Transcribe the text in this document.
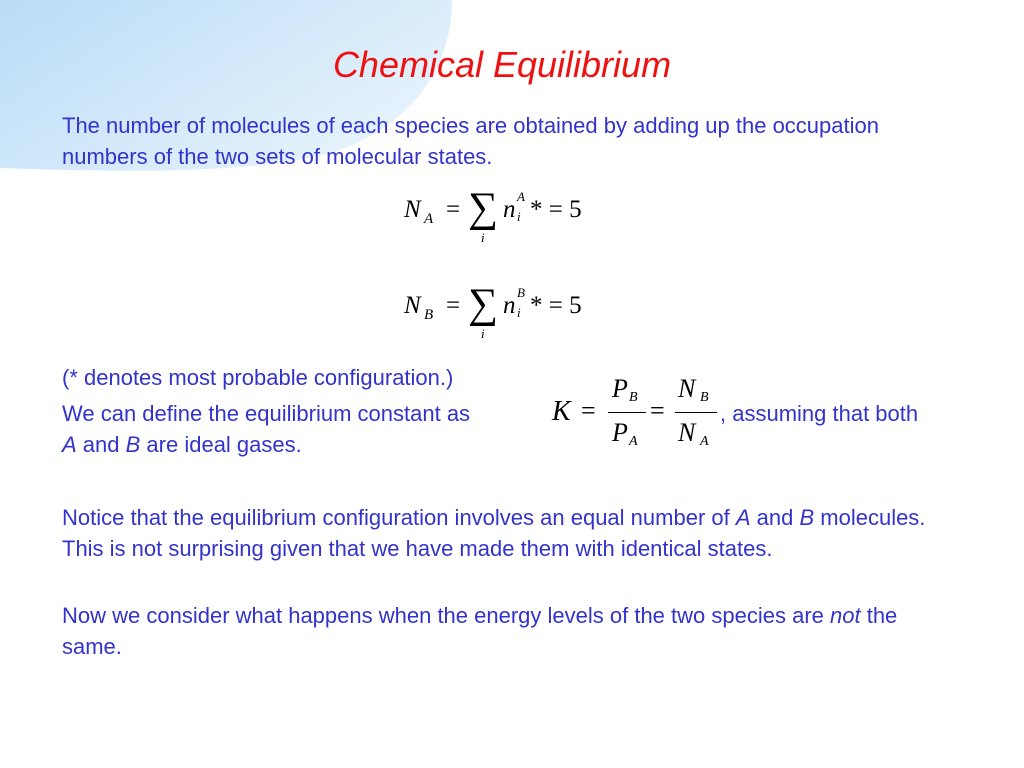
Chemical Equilibrium
The number of molecules of each species are obtained by adding up the occupation numbers of the two sets of molecular states.
N A = ∑
i
n A
i * = 5
N B = ∑
i
n B
i * = 5
(* denotes most probable configuration.)
We can define the equilibrium constant as	K =
P B
P A
=
N B
N A
, assuming that both
A and B are ideal gases.
Notice that the equilibrium configuration involves an equal number of A and B molecules. This is not surprising given that we have made them with identical states.
Now we consider what happens when the energy levels of the two species are not the same.
